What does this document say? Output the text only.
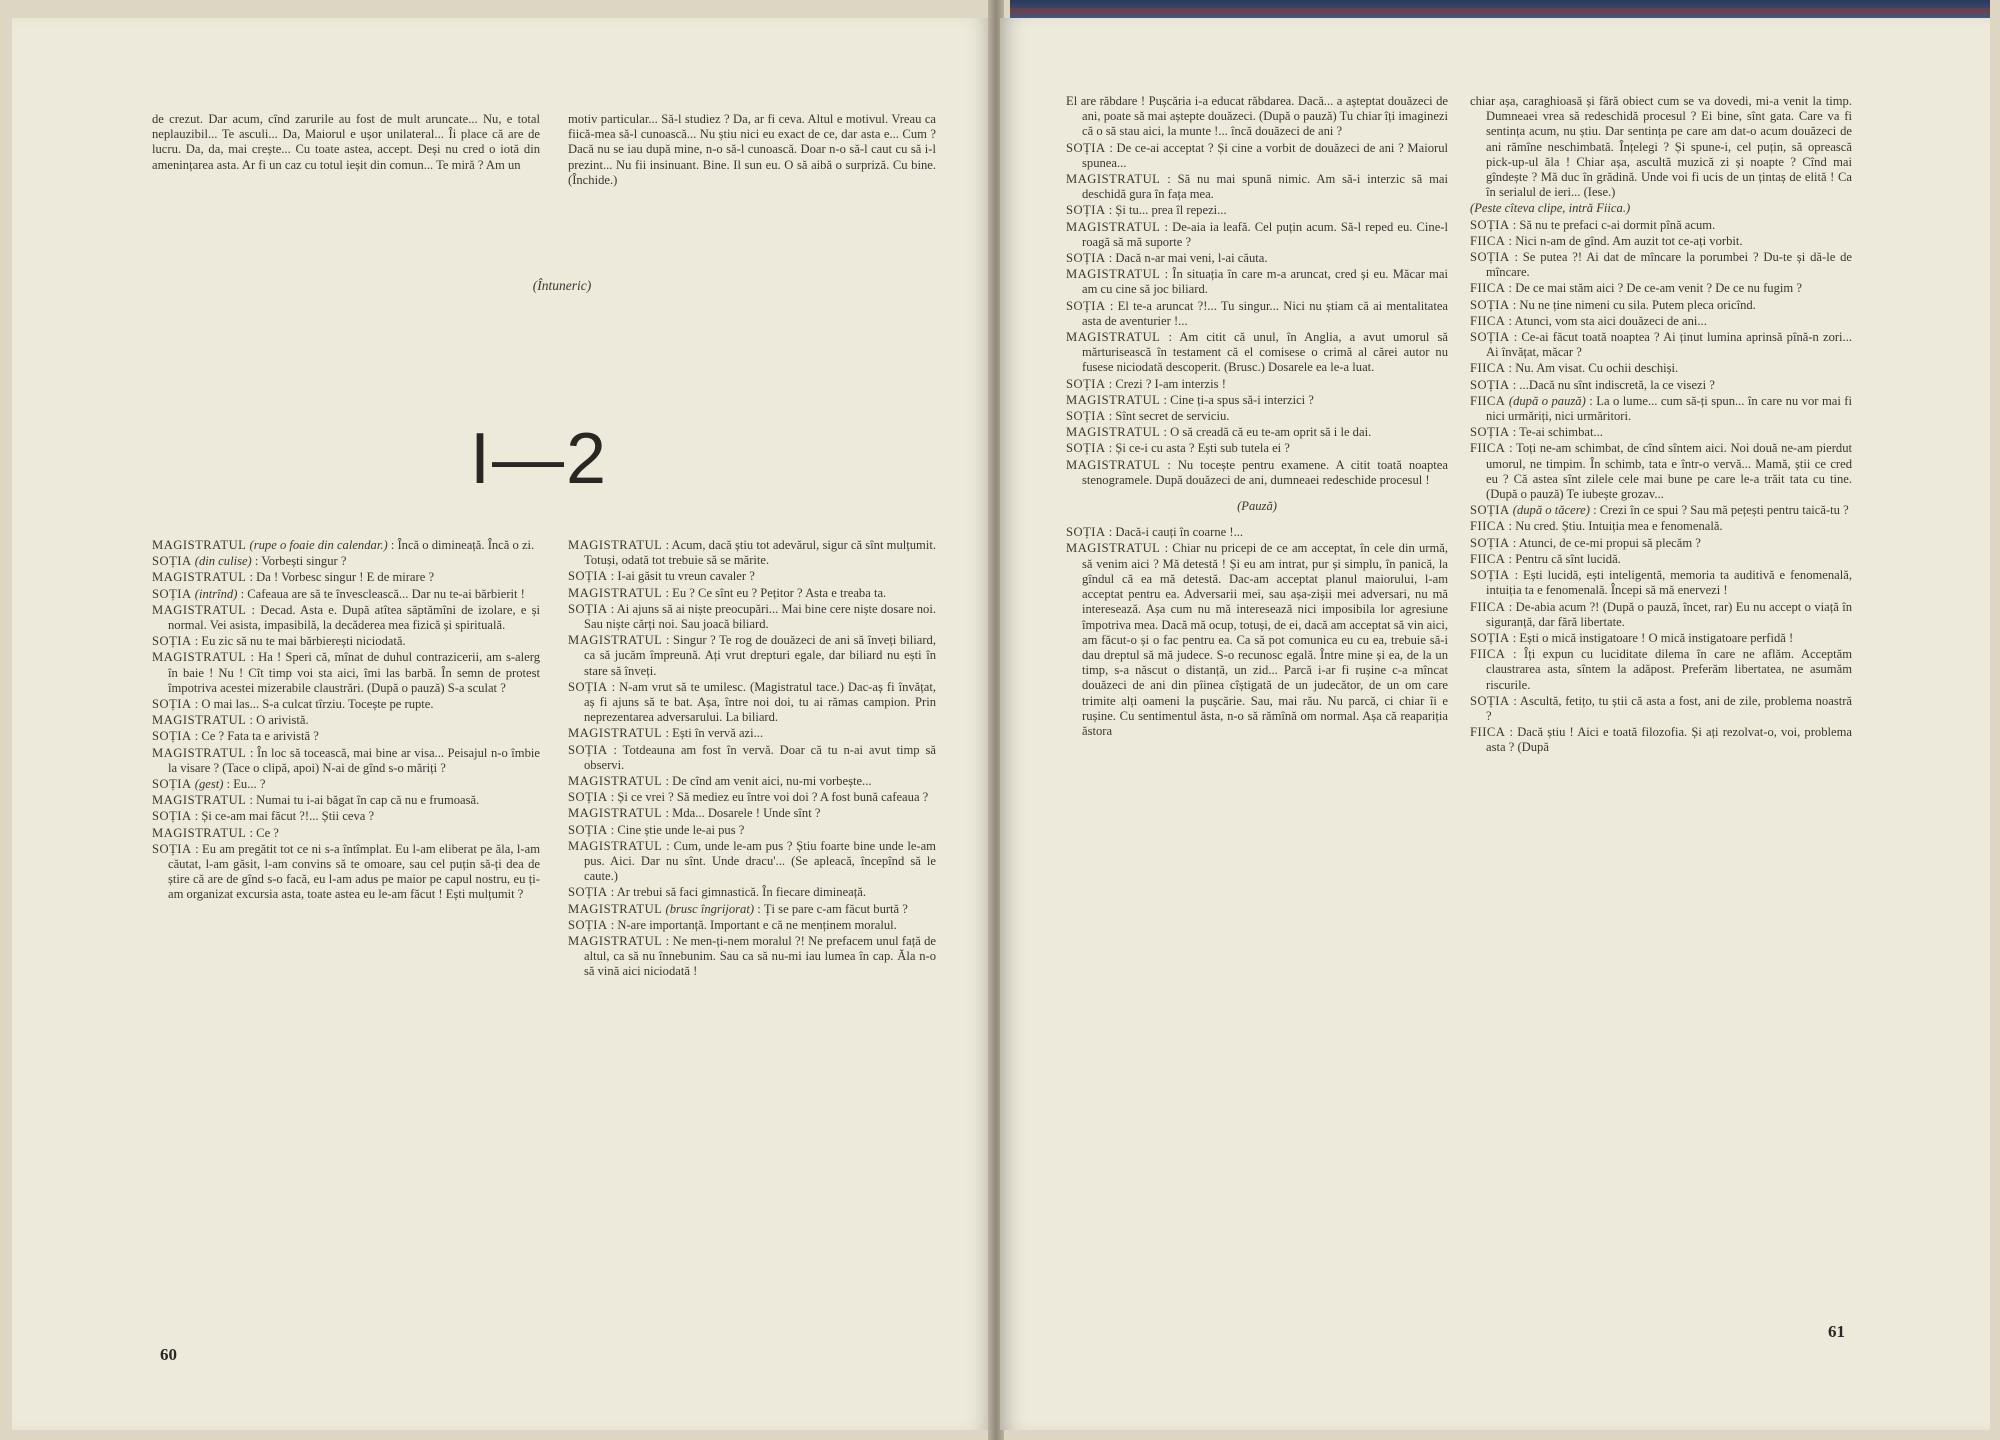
de crezut. Dar acum, cînd zarurile au fost de mult aruncate... Nu, e total neplauzibil... Te asculi... Da, Maiorul e ușor unilateral... Îi place că are de lucru. Da, da, mai crește... Cu toate astea, accept. Deși nu cred o iotă din amenințarea asta. Ar fi un caz cu totul ieșit din comun... Te miră ? Am un

motiv particular... Să-l studiez ? Da, ar fi ceva. Altul e motivul. Vreau ca fiică-mea să-l cunoască... Nu știu nici eu exact de ce, dar asta e... Cum ? Dacă nu se iau după mine, n-o să-l cunoască. Doar n-o să-l caut cu să i-l prezint... Nu fii insinuant. Bine. Il sun eu. O să aibă o surpriză. Cu bine. (Închide.)

(Întuneric)
I—2

MAGISTRATUL (rupe o foaie din calendar.) : Încă o dimineață. Încă o zi.

SOȚIA (din culise) : Vorbești singur ?

MAGISTRATUL : Da ! Vorbesc singur ! E de mirare ?

SOȚIA (intrînd) : Cafeaua are să te învesclească... Dar nu te-ai bărbierit !

MAGISTRATUL : Decad. Asta e. După atîtea săptămîni de izolare, e și normal. Vei asista, impasibilă, la decăderea mea fizică și spirituală.

SOȚIA : Eu zic să nu te mai bărbierești niciodată.

MAGISTRATUL : Ha ! Speri că, mînat de duhul contrazicerii, am s-alerg în baie ! Nu ! Cît timp voi sta aici, îmi las barbă. În semn de protest împotriva acestei mizerabile claustrări. (După o pauză) S-a sculat ?

SOȚIA : O mai las... S-a culcat tîrziu. Tocește pe rupte.

MAGISTRATUL : O arivistă.

SOȚIA : Ce ? Fata ta e arivistă ?

MAGISTRATUL : În loc să tocească, mai bine ar visa... Peisajul n-o îmbie la visare ? (Tace o clipă, apoi) N-ai de gînd s-o măriți ?

SOȚIA (gest) : Eu... ?

MAGISTRATUL : Numai tu i-ai băgat în cap că nu e frumoasă.

SOȚIA : Și ce-am mai făcut ?!... Știi ceva ?

MAGISTRATUL : Ce ?

SOȚIA : Eu am pregătit tot ce ni s-a întîmplat. Eu l-am eliberat pe ăla, l-am căutat, l-am găsit, l-am convins să te omoare, sau cel puțin să-ți dea de știre că are de gînd s-o facă, eu l-am adus pe maior pe capul nostru, eu ți-am organizat excursia asta, toate astea eu le-am făcut ! Ești mulțumit ?

MAGISTRATUL : Acum, dacă știu tot adevărul, sigur că sînt mulțumit. Totuși, odată tot trebuie să se mărite.

SOȚIA : I-ai găsit tu vreun cavaler ?

MAGISTRATUL : Eu ? Ce sînt eu ? Pețitor ? Asta e treaba ta.

SOȚIA : Ai ajuns să ai niște preocupări... Mai bine cere niște dosare noi. Sau niște cărți noi. Sau joacă biliard.

MAGISTRATUL : Singur ? Te rog de douăzeci de ani să înveți biliard, ca să jucăm împreună. Ați vrut drepturi egale, dar biliard nu ești în stare să înveți.

SOȚIA : N-am vrut să te umilesc. (Magistratul tace.) Dac-aș fi învățat, aș fi ajuns să te bat. Așa, între noi doi, tu ai rămas campion. Prin neprezentarea adversarului. La biliard.

MAGISTRATUL : Ești în vervă azi...

SOȚIA : Totdeauna am fost în vervă. Doar că tu n-ai avut timp să observi.

MAGISTRATUL : De cînd am venit aici, nu-mi vorbește...

SOȚIA : Și ce vrei ? Să mediez eu între voi doi ? A fost bună cafeaua ?

MAGISTRATUL : Mda... Dosarele ! Unde sînt ?

SOȚIA : Cine știe unde le-ai pus ?

MAGISTRATUL : Cum, unde le-am pus ? Știu foarte bine unde le-am pus. Aici. Dar nu sînt. Unde dracu'... (Se apleacă, începînd să le caute.)

SOȚIA : Ar trebui să faci gimnastică. În fiecare dimineață.

MAGISTRATUL (brusc îngrijorat) : Ți se pare c-am făcut burtă ?

SOȚIA : N-are importanță. Important e că ne menținem moralul.

MAGISTRATUL : Ne men-ți-nem moralul ?! Ne prefacem unul față de altul, ca să nu înnebunim. Sau ca să nu-mi iau lumea în cap. Ăla n-o să vină aici niciodată !

60

El are răbdare ! Pușcăria i-a educat răbdarea. Dacă... a așteptat douăzeci de ani, poate să mai aștepte douăzeci. (După o pauză) Tu chiar îți imaginezi că o să stau aici, la munte !... încă douăzeci de ani ?

SOȚIA : De ce-ai acceptat ? Și cine a vorbit de douăzeci de ani ? Maiorul spunea...

MAGISTRATUL : Să nu mai spună nimic. Am să-i interzic să mai deschidă gura în fața mea.

SOȚIA : Și tu... prea îl repezi...

MAGISTRATUL : De-aia ia leafă. Cel puțin acum. Să-l reped eu. Cine-l roagă să mă suporte ?

SOȚIA : Dacă n-ar mai veni, l-ai căuta.

MAGISTRATUL : În situația în care m-a aruncat, cred și eu. Măcar mai am cu cine să joc biliard.

SOȚIA : El te-a aruncat ?!... Tu singur... Nici nu știam că ai mentalitatea asta de aventurier !...

MAGISTRATUL : Am citit că unul, în Anglia, a avut umorul să mărturisească în testament că el comisese o crimă al cărei autor nu fusese niciodată descoperit. (Brusc.) Dosarele ea le-a luat.

SOȚIA : Crezi ? I-am interzis !

MAGISTRATUL : Cine ți-a spus să-i interzici ?

SOȚIA : Sînt secret de serviciu.

MAGISTRATUL : O să creadă că eu te-am oprit să i le dai.

SOȚIA : Și ce-i cu asta ? Ești sub tutela ei ?

MAGISTRATUL : Nu tocește pentru examene. A citit toată noaptea stenogramele. După douăzeci de ani, dumneaei redeschide procesul !

(Pauză)

SOȚIA : Dacă-i cauți în coarne !...

MAGISTRATUL : Chiar nu pricepi de ce am acceptat, în cele din urmă, să venim aici ? Mă detestă ! Și eu am intrat, pur și simplu, în panică, la gîndul că ea mă detestă. Dac-am acceptat planul maiorului, l-am acceptat pentru ea. Adversarii mei, sau așa-zișii mei adversari, nu mă interesează. Așa cum nu mă interesează nici imposibila lor agresiune împotriva mea. Dacă mă ocup, totuși, de ei, dacă am acceptat să vin aici, am făcut-o și o fac pentru ea. Ca să pot comunica eu cu ea, trebuie să-i dau dreptul să mă judece. S-o recunosc egală. Între mine și ea, de la un timp, s-a născut o distanță, un zid... Parcă i-ar fi rușine c-a mîncat douăzeci de ani din pîinea cîștigată de un judecător, de un om care trimite alți oameni la pușcărie. Sau, mai rău. Nu parcă, ci chiar îi e rușine. Cu sentimentul ăsta, n-o să rămînă om normal. Așa că reapariția ăstora

chiar așa, caraghioasă și fără obiect cum se va dovedi, mi-a venit la timp. Dumneaei vrea să redeschidă procesul ? Ei bine, sînt gata. Care va fi sentința acum, nu știu. Dar sentința pe care am dat-o acum douăzeci de ani rămîne neschimbată. Înțelegi ? Și spune-i, cel puțin, să oprească pick-up-ul ăla ! Chiar așa, ascultă muzică zi și noapte ? Cînd mai gîndește ? Mă duc în grădină. Unde voi fi ucis de un țintaș de elită ! Ca în serialul de ieri... (Iese.)

(Peste cîteva clipe, intră Fiica.)

SOȚIA : Să nu te prefaci c-ai dormit pînă acum.

FIICA : Nici n-am de gînd. Am auzit tot ce-ați vorbit.

SOȚIA : Se putea ?! Ai dat de mîncare la porumbei ? Du-te și dă-le de mîncare.

FIICA : De ce mai stăm aici ? De ce-am venit ? De ce nu fugim ?

SOȚIA : Nu ne ține nimeni cu sila. Putem pleca oricînd.

FIICA : Atunci, vom sta aici douăzeci de ani...

SOȚIA : Ce-ai făcut toată noaptea ? Ai ținut lumina aprinsă pînă-n zori... Ai învățat, măcar ?

FIICA : Nu. Am visat. Cu ochii deschiși.

SOȚIA : ...Dacă nu sînt indiscretă, la ce visezi ?

FIICA (după o pauză) : La o lume... cum să-ți spun... în care nu vor mai fi nici urmăriți, nici urmăritori.

SOȚIA : Te-ai schimbat...

FIICA : Toți ne-am schimbat, de cînd sîntem aici. Noi două ne-am pierdut umorul, ne timpim. În schimb, tata e într-o vervă... Mamă, știi ce cred eu ? Că astea sînt zilele cele mai bune pe care le-a trăit tata cu tine. (După o pauză) Te iubește grozav...

SOȚIA (după o tăcere) : Crezi în ce spui ? Sau mă pețești pentru taică-tu ?

FIICA : Nu cred. Știu. Intuiția mea e fenomenală.

SOȚIA : Atunci, de ce-mi propui să plecăm ?

FIICA : Pentru că sînt lucidă.

SOȚIA : Ești lucidă, ești inteligentă, memoria ta auditivă e fenomenală, intuiția ta e fenomenală. Începi să mă enervezi !

FIICA : De-abia acum ?! (După o pauză, încet, rar) Eu nu accept o viață în siguranță, dar fără libertate.

SOȚIA : Ești o mică instigatoare ! O mică instigatoare perfidă !

FIICA : Îți expun cu luciditate dilema în care ne aflăm. Acceptăm claustrarea asta, sîntem la adăpost. Preferăm libertatea, ne asumăm riscurile.

SOȚIA : Ascultă, fetițo, tu știi că asta a fost, ani de zile, problema noastră ?

FIICA : Dacă știu ! Aici e toată filozofia. Și ați rezolvat-o, voi, problema asta ? (După

61
